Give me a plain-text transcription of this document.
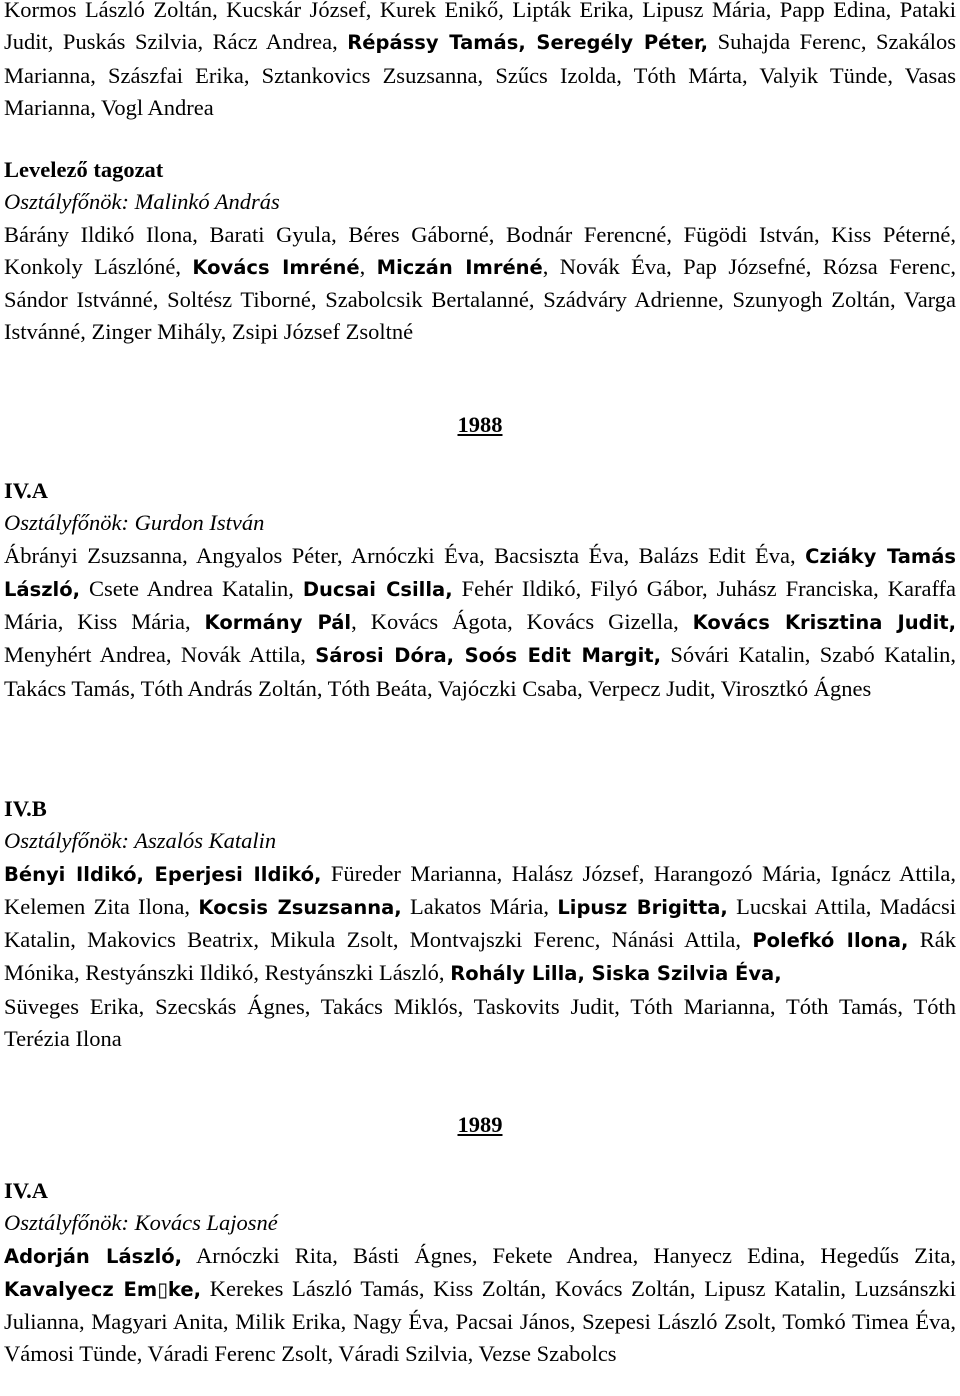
Kormos László Zoltán, Kucskár József, Kurek Enikő, Lipták Erika, Lipusz Mária, Papp Edina, Pataki Judit, Puskás Szilvia, Rácz Andrea, Répássy Tamás, Seregély Péter, Suhajda Ferenc, Szakálos Marianna, Szászfai Erika, Sztankovics Zsuzsanna, Szűcs Izolda, Tóth Márta, Valyik Tünde, Vasas Marianna, Vogl Andrea

Levelező tagozat

Osztályfőnök: Malinkó András

Bárány Ildikó Ilona, Barati Gyula, Béres Gáborné, Bodnár Ferencné, Fügödi István, Kiss Péterné, Konkoly Lászlóné, Kovács Imréné, Miczán Imréné, Novák Éva, Pap Józsefné, Rózsa Ferenc, Sándor Istvánné, Soltész Tiborné, Szabolcsik Bertalanné, Szádváry Adrienne, Szunyogh Zoltán, Varga Istvánné, Zinger Mihály, Zsipi József Zsoltné

1988

IV.A

Osztályfőnök: Gurdon István

Ábrányi Zsuzsanna, Angyalos Péter, Arnóczki Éva, Bacsiszta Éva, Balázs Edit Éva, Cziáky Tamás László, Csete Andrea Katalin, Ducsai Csilla, Fehér Ildikó, Filyó Gábor, Juhász Franciska, Karaffa Mária, Kiss Mária, Kormány Pál, Kovács Ágota, Kovács Gizella, Kovács Krisztina Judit, Menyhért Andrea, Novák Attila, Sárosi Dóra, Soós Edit Margit, Sóvári Katalin, Szabó Katalin, Takács Tamás, Tóth András Zoltán, Tóth Beáta, Vajóczki Csaba, Verpecz Judit, Virosztkó Ágnes

IV.B

Osztályfőnök: Aszalós Katalin

Bényi Ildikó, Eperjesi Ildikó, Füreder Marianna, Halász József, Harangozó Mária, Ignácz Attila, Kelemen Zita Ilona, Kocsis Zsuzsanna, Lakatos Mária, Lipusz Brigitta, Lucskai Attila, Madácsi Katalin, Makovics Beatrix, Mikula Zsolt, Montvajszki Ferenc, Nánási Attila, Polefkó Ilona, Rák Mónika, Restyánszki Ildikó, Restyánszki László, Rohály Lilla, Siska Szilvia Éva,
Süveges Erika, Szecskás Ágnes, Takács Miklós, Taskovits Judit, Tóth Marianna, Tóth Tamás, Tóth Terézia Ilona

1989

IV.A

Osztályfőnök: Kovács Lajosné

Adorján László, Arnóczki Rita, Básti Ágnes, Fekete Andrea, Hanyecz Edina, Hegedűs Zita, Kavalyecz Em▯ke, Kerekes László Tamás, Kiss Zoltán, Kovács Zoltán, Lipusz Katalin, Luzsánszki Julianna, Magyari Anita, Milik Erika, Nagy Éva, Pacsai János, Szepesi László Zsolt, Tomkó Timea Éva, Vámosi Tünde, Váradi Ferenc Zsolt, Váradi Szilvia, Vezse Szabolcs
